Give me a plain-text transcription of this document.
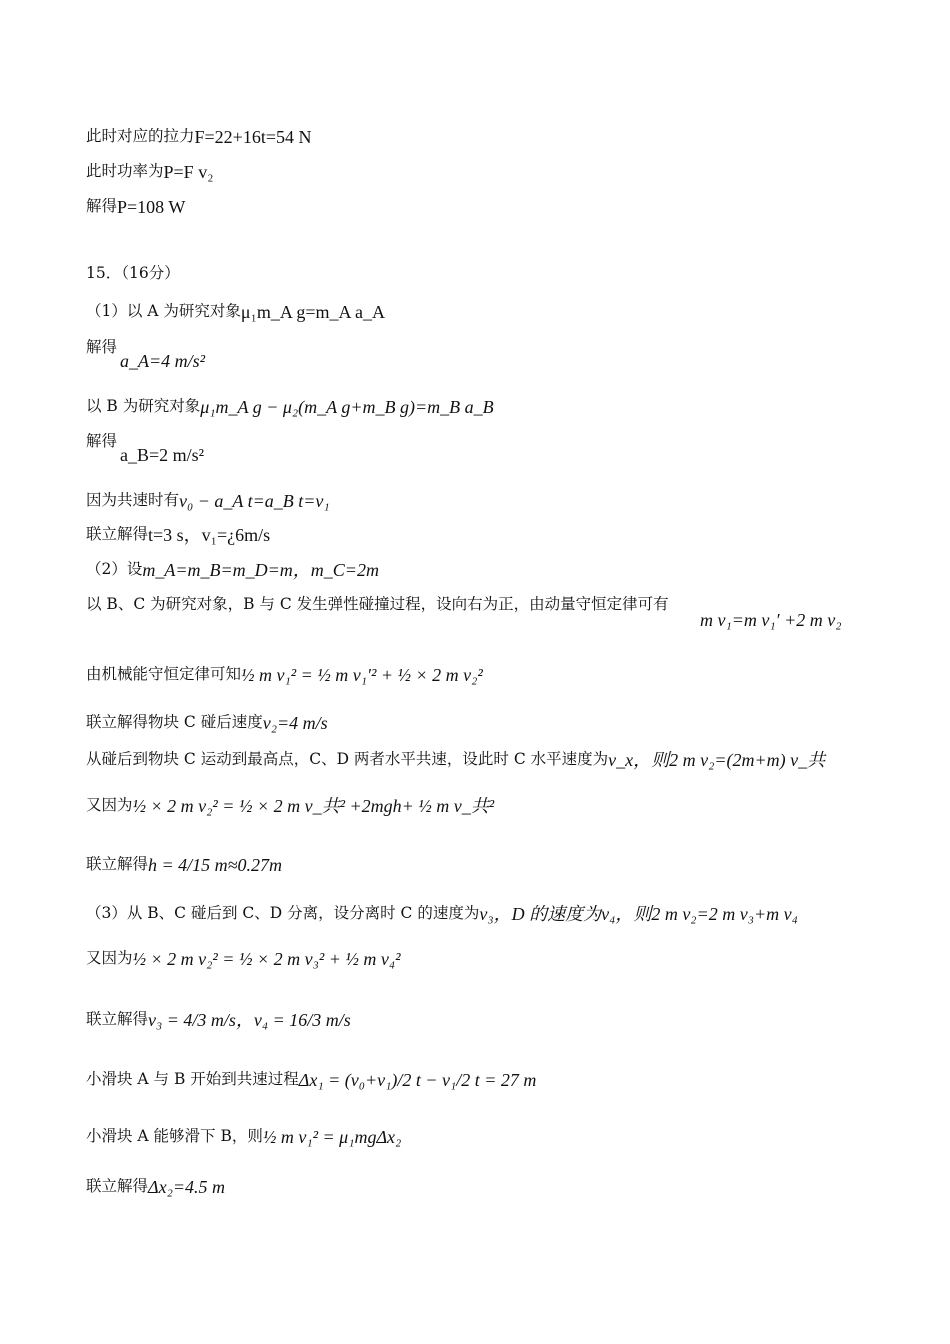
此时对应的拉力 F=22+16t=54 N
此时功率为 P=F v₂
解得 P=108 W
15．（16分）
（1）以 A 为研究对象 μ₁m_A g=m_A a_A
解得
a_A=4 m/s²
以 B 为研究对象 μ₁m_A g − μ₂(m_A g+m_B g)=m_B a_B
解得
a_B=2 m/s²
因为共速时有 v₀ − a_A t=a_B t=v₁
联立解得 t=3 s，v₁=¿6m/s
（2）设 m_A=m_B=m_D=m，m_C=2m
以 B、C 为研究对象，B 与 C 发生弹性碰撞过程，设向右为正，由动量守恒定律可有
m v₁=m v₁′ +2 m v₂
由机械能守恒定律可知 ½ m v₁² = ½ m v₁′² + ½ × 2 m v₂²
联立解得物块 C 碰后速度 v₂=4 m/s
从碰后到物块 C 运动到最高点，C、D 两者水平共速，设此时 C 水平速度为 v_x，则2 m v₂=(2m+m) v_共
又因为 ½ × 2 m v₂² = ½ × 2 m v_共² +2mgh+ ½ m v_共²
联立解得 h = 4/15 m≈0.27m
（3）从 B、C 碰后到 C、D 分离，设分离时 C 的速度为 v₃，D 的速度为v₄，则2 m v₂=2 m v₃+m v₄
又因为 ½ × 2 m v₂² = ½ × 2 m v₃² + ½ m v₄²
联立解得 v₃ = 4/3 m/s，v₄ = 16/3 m/s
小滑块 A 与 B 开始到共速过程 Δx₁ = (v₀+v₁)/2 t − v₁/2 t = 27 m
小滑块 A 能够滑下 B，则 ½ m v₁² = μ₁mgΔx₂
联立解得 Δx₂=4.5 m
